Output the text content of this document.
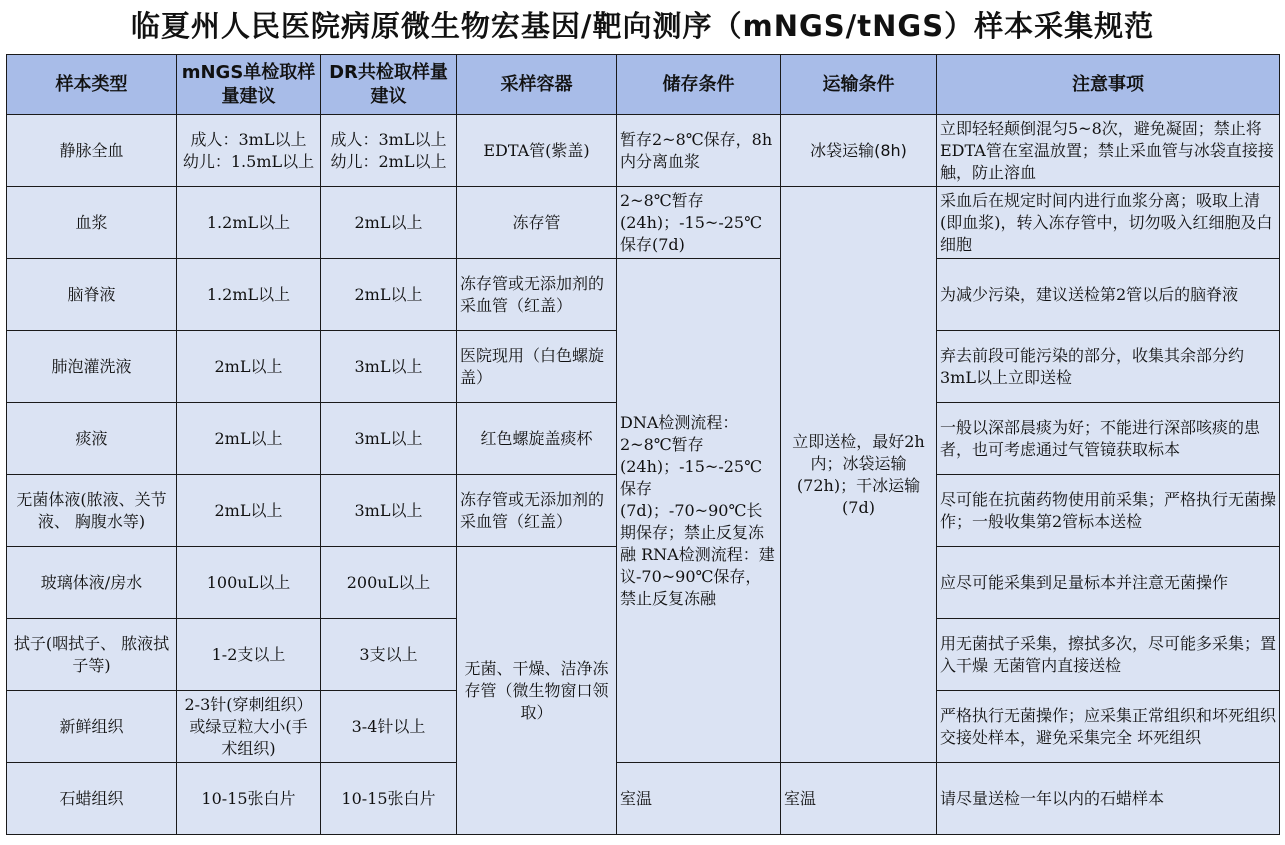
临夏州人民医院病原微生物宏基因/靶向测序（mNGS/tNGS）样本采集规范
样本类型	mNGS单检取样量建议	DR共检取样量建议	采样容器	储存条件	运输条件	注意事项
静脉全血	成人：3mL以上 幼儿：1.5mL以上	成人：3mL以上 幼儿：2mL以上	EDTA管(紫盖)	暂存2~8℃保存，8h内分离血浆	冰袋运输(8h)	立即轻轻颠倒混匀5~8次，避免凝固；禁止将EDTA管在室温放置；禁止采血管与冰袋直接接触，防止溶血
血浆	1.2mL以上	2mL以上	冻存管	2~8℃暂存(24h)；-15~-25℃保存(7d)	立即送检，最好2h内；冰袋运输(72h)；干冰运输(7d)	采血后在规定时间内进行血浆分离；吸取上清(即血浆)，转入冻存管中，切勿吸入红细胞及白细胞
脑脊液	1.2mL以上	2mL以上	冻存管或无添加剂的采血管（红盖）	DNA检测流程：2~8℃暂存(24h)；-15~-25℃保存(7d)；-70~90℃长期保存；禁止反复冻融 RNA检测流程：建议-70~90℃保存，禁止反复冻融		为减少污染，建议送检第2管以后的脑脊液
肺泡灌洗液	2mL以上	3mL以上	医院现用（白色螺旋盖）			弃去前段可能污染的部分，收集其余部分约3mL以上立即送检
痰液	2mL以上	3mL以上	红色螺旋盖痰杯			一般以深部晨痰为好；不能进行深部咳痰的患者，也可考虑通过气管镜获取标本
无菌体液(脓液、关节液、 胸腹水等)	2mL以上	3mL以上	冻存管或无添加剂的采血管（红盖）			尽可能在抗菌药物使用前采集；严格执行无菌操作；一般收集第2管标本送检
玻璃体液/房水	100uL以上	200uL以上	无菌、干燥、洁净冻存管（微生物窗口领取）			应尽可能采集到足量标本并注意无菌操作
拭子(咽拭子、 脓液拭子等)	1-2支以上	3支以上				用无菌拭子采集，擦拭多次，尽可能多采集；置入干燥 无菌管内直接送检
新鲜组织	2-3针(穿刺组织）或绿豆粒大小(手 术组织)	3-4针以上				严格执行无菌操作；应采集正常组织和坏死组织交接处样本，避免采集完全 坏死组织
石蜡组织	10-15张白片	10-15张白片		室温	室温	请尽量送检一年以内的石蜡样本
